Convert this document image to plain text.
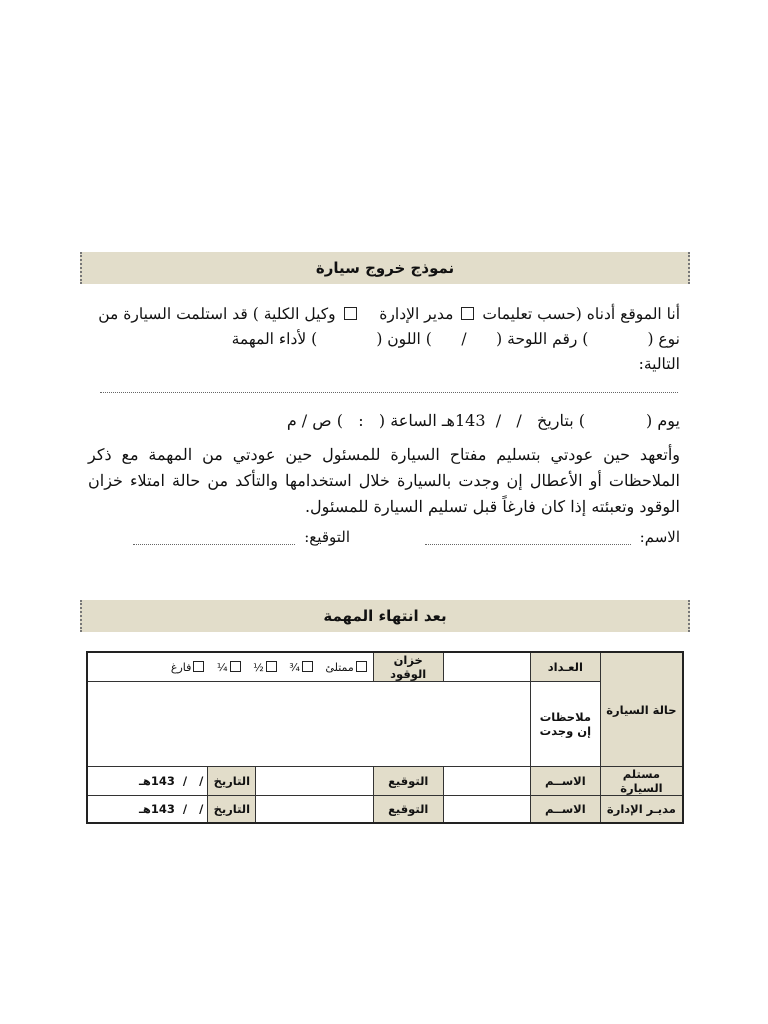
نموذج خروج سيارة
أنا الموقع أدناه (حسب تعليمات  مدير الإدارة     وكيل الكلية ) قد استلمت السيارة من
نوع (            ) رقم اللوحة (      /      ) اللون (            ) لأداء المهمة
التالية:
يوم (            ) بتاريخ   /   /  143هـ الساعة (   :   ) ص / م
وأتعهد حين عودتي بتسليم مفتاح السيارة للمسئول حين عودتي من المهمة مع ذكر الملاحظات أو الأعطال إن وجدت بالسيارة خلال استخدامها والتأكد من حالة امتلاء خزان الوقود وتعبئته إذا كان فارغاً قبل تسليم السيارة للمسئول.
الاسم:
التوقيع:
بعد انتهاء المهمة
حالة السيارة	العـداد		خزان الوقود	ممتلئ   ¾   ½   ¼   فارغ		
	ملاحظات إن وجدت					
مستلم السيارة	الاســم		التوقيع		التاريخ	/   /  143هـ
مديـر الإدارة	الاســم		التوقيع		التاريخ	/   /  143هـ
